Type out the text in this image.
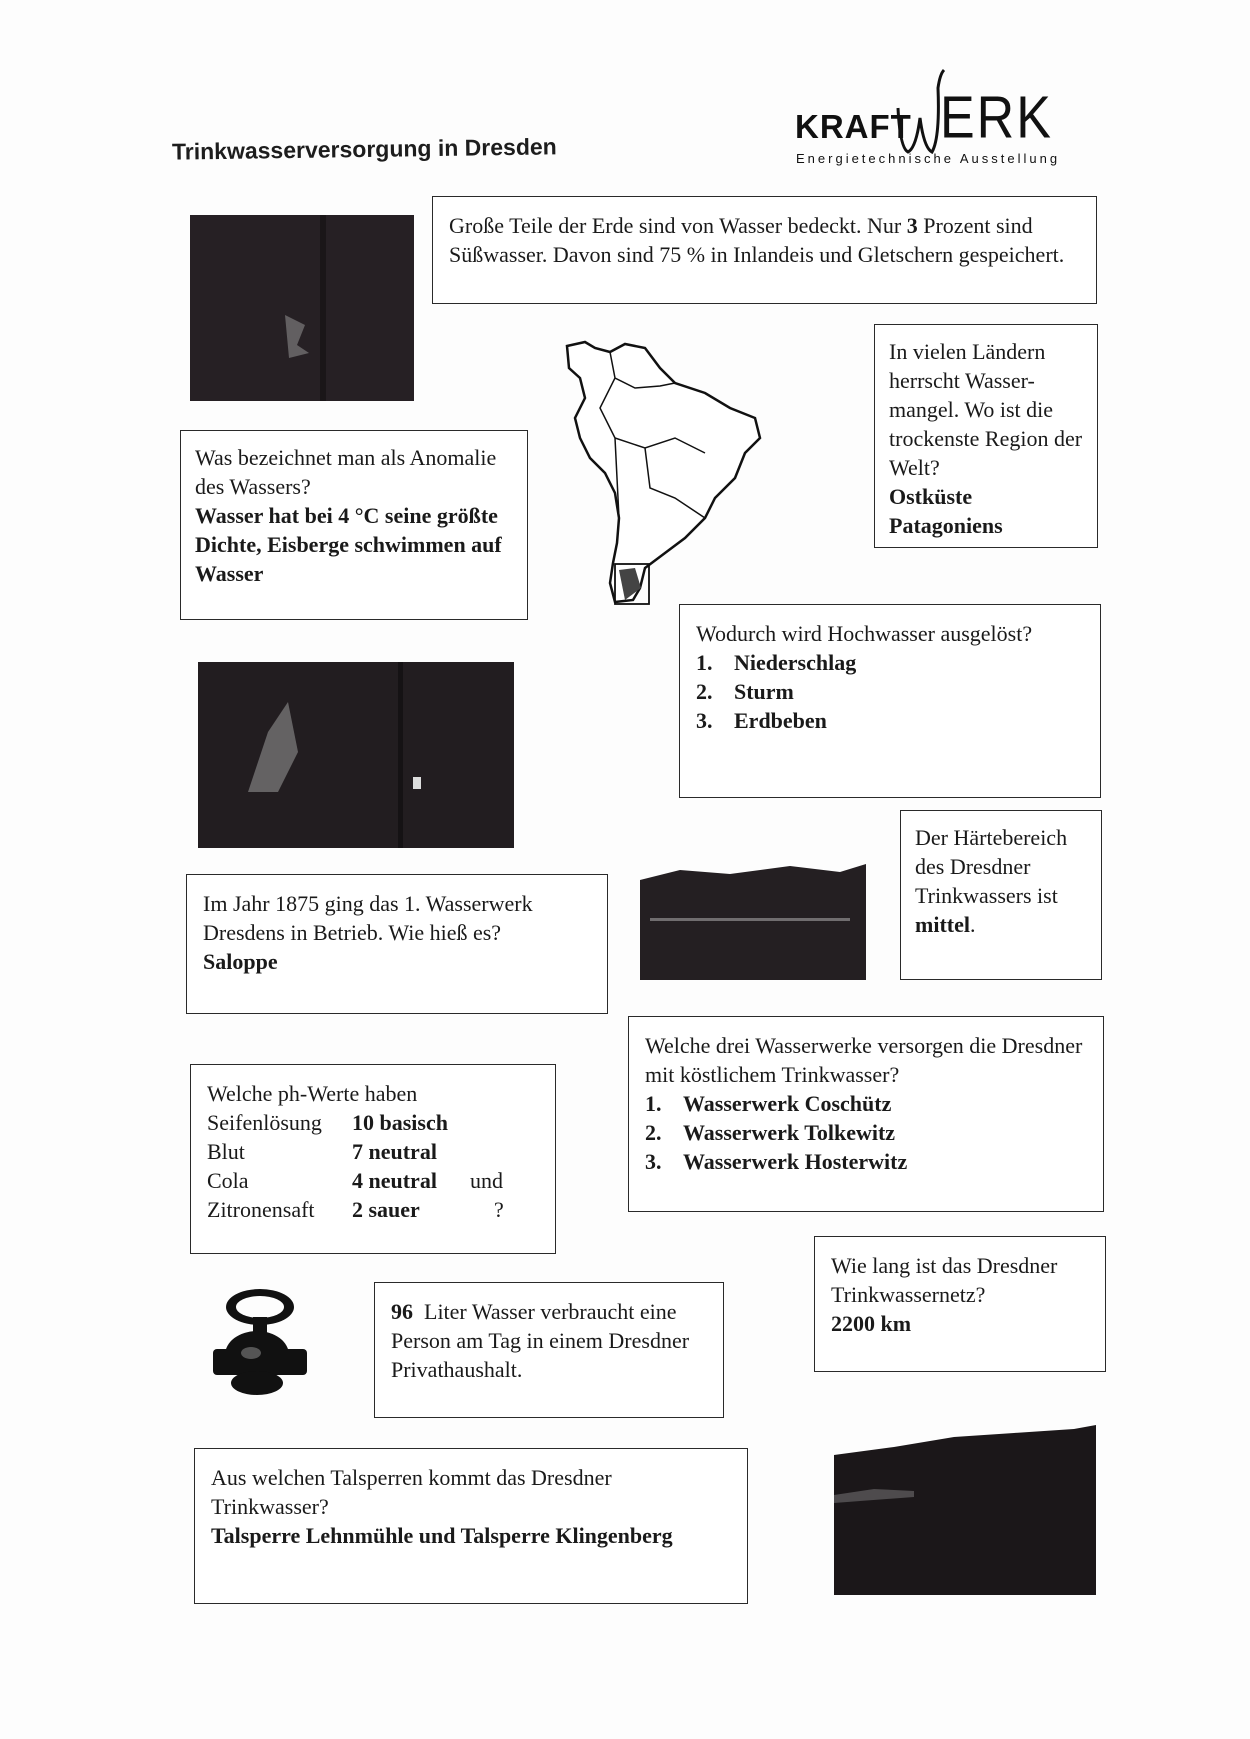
Trinkwasserversorgung in Dresden
KRAFT ERK
Energietechnische Ausstellung
Große Teile der Erde sind von Wasser bedeckt. Nur 3 Prozent sind Süßwasser. Davon sind 75 % in Inlandeis und Gletschern gespeichert.
In vielen Ländern herrscht Wasser-mangel. Wo ist die trockenste Region der Welt?
Ostküste
Patagoniens
Was bezeichnet man als Anomalie des Wassers?
Wasser hat bei 4 °C seine größte Dichte, Eisberge schwimmen auf Wasser
Wodurch wird Hochwasser ausgelöst?
1. Niederschlag
2. Sturm
3. Erdbeben
Der Härtebereich des Dresdner Trinkwassers ist mittel.
Im Jahr 1875 ging das 1. Wasserwerk Dresdens in Betrieb. Wie hieß es?
Saloppe
Welche drei Wasserwerke versorgen die Dresdner mit köstlichem Trinkwasser?
1. Wasserwerk Coschütz
2. Wasserwerk Tolkewitz
3. Wasserwerk Hosterwitz
Welche ph-Werte haben
Seifenlösung	10 basisch
Blut	7 neutral
Cola	4 neutral	und
Zitronensaft	2 sauer	?
Wie lang ist das Dresdner Trinkwassernetz?
2200 km
96 Liter Wasser verbraucht eine Person am Tag in einem Dresdner Privathaushalt.
Aus welchen Talsperren kommt das Dresdner Trinkwasser?
Talsperre Lehnmühle und Talsperre Klingenberg
